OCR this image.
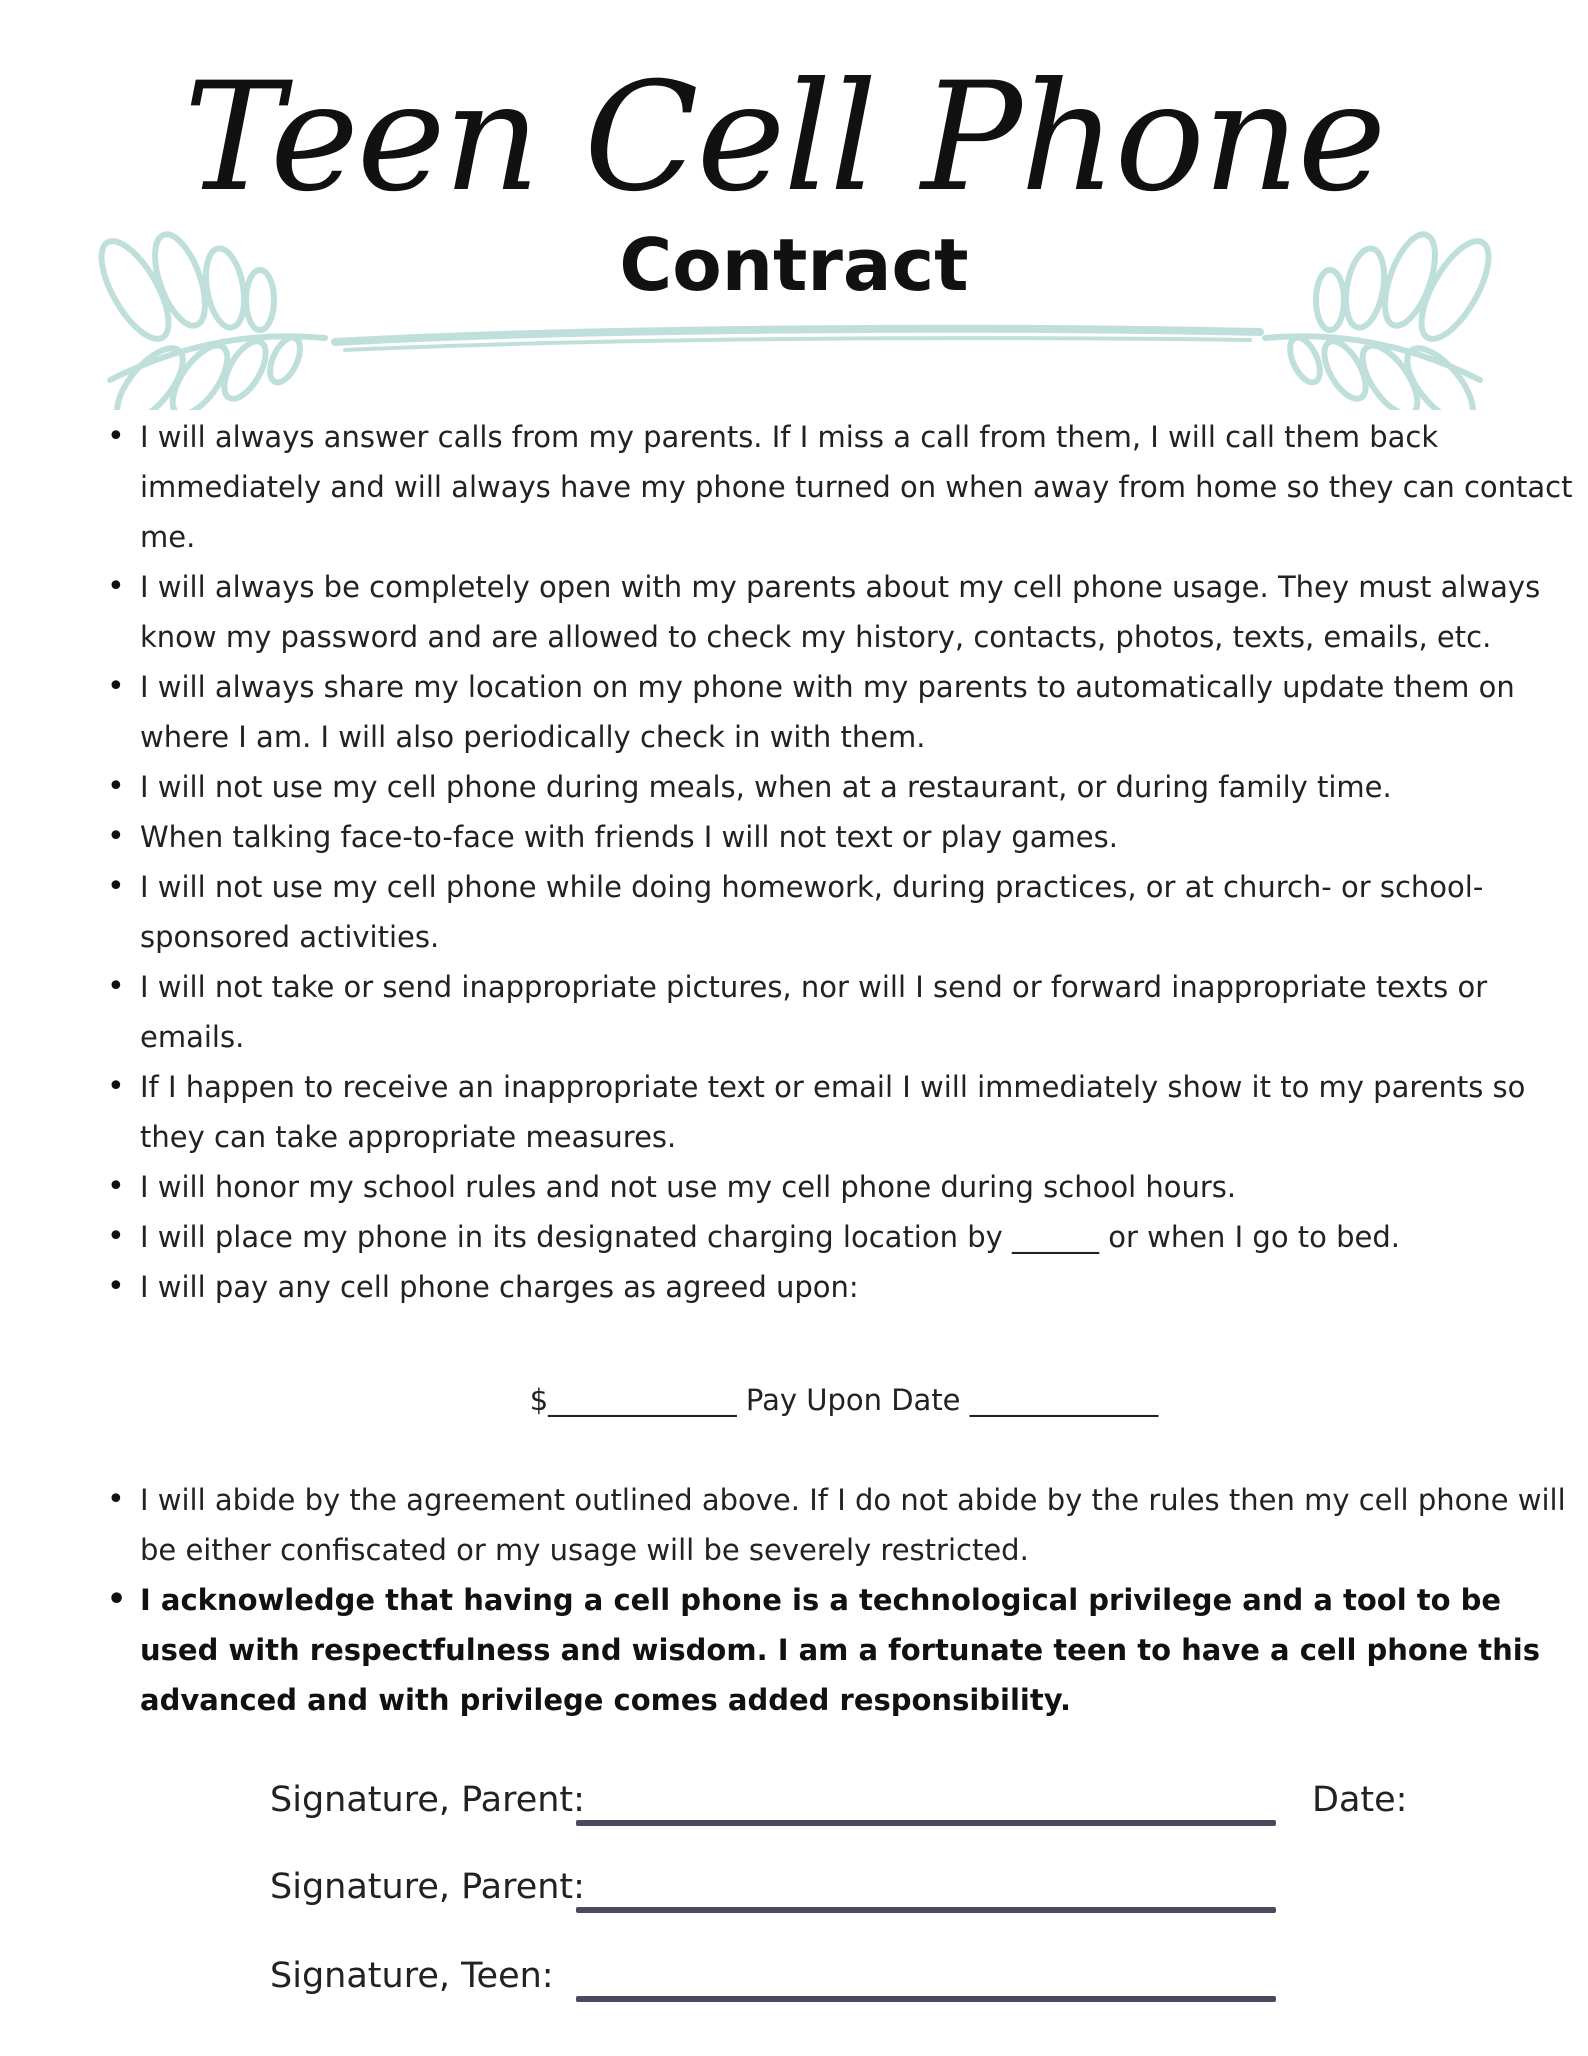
Teen Cell Phone
Contract
• I will always answer calls from my parents. If I miss a call from them, I will call them back immediately and will always have my phone turned on when away from home so they can contact me.
• I will always be completely open with my parents about my cell phone usage. They must always know my password and are allowed to check my history, contacts, photos, texts, emails, etc.
• I will always share my location on my phone with my parents to automatically update them on where I am. I will also periodically check in with them.
• I will not use my cell phone during meals, when at a restaurant, or during family time.
• When talking face-to-face with friends I will not text or play games.
• I will not use my cell phone while doing homework, during practices, or at church- or school-sponsored activities.
• I will not take or send inappropriate pictures, nor will I send or forward inappropriate texts or emails.
• If I happen to receive an inappropriate text or email I will immediately show it to my parents so they can take appropriate measures.
• I will honor my school rules and not use my cell phone during school hours.
• I will place my phone in its designated charging location by ______ or when I go to bed.
• I will pay any cell phone charges as agreed upon:
$_____________ Pay Upon Date _____________
• I will abide by the agreement outlined above. If I do not abide by the rules then my cell phone will be either confiscated or my usage will be severely restricted.
• I acknowledge that having a cell phone is a technological privilege and a tool to be used with respectfulness and wisdom. I am a fortunate teen to have a cell phone this advanced and with privilege comes added responsibility.
Signature, Parent:	Date:
Signature, Parent:
Signature, Teen:
